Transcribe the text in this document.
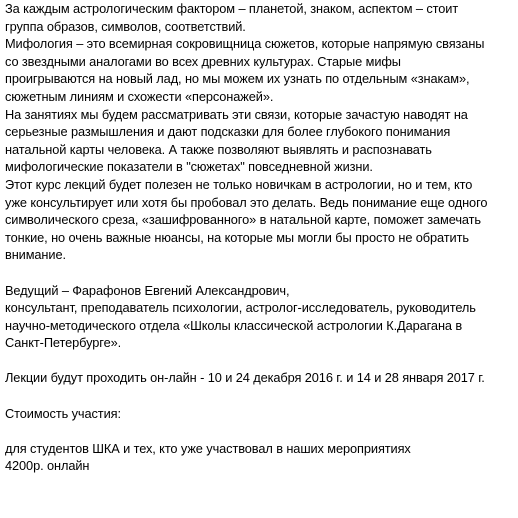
За каждым астрологическим фактором – планетой, знаком, аспектом – стоит
группа образов, символов, соответствий.
Мифология – это всемирная сокровищница сюжетов, которые напрямую связаны
со звездными аналогами во всех древних культурах. Старые мифы
проигрываются на новый лад, но мы можем их узнать по отдельным «знакам»,
сюжетным линиям и схожести «персонажей».
На занятиях мы будем рассматривать эти связи, которые зачастую наводят на
серьезные размышления и дают подсказки для более глубокого понимания
натальной карты человека. А также позволяют выявлять и распознавать
мифологические показатели в "сюжетах" повседневной жизни.
Этот курс лекций будет полезен не только новичкам в астрологии, но и тем, кто
уже консультирует или хотя бы пробовал это делать. Ведь понимание еще одного
символического среза, «зашифрованного» в натальной карте, поможет замечать
тонкие, но очень важные нюансы, на которые мы могли бы просто не обратить
внимание.
Ведущий – Фарафонов Евгений Александрович,
консультант, преподаватель психологии, астролог-исследователь, руководитель
научно-методического отдела «Школы классической астрологии К.Дарагана в
Санкт-Петербурге».
Лекции будут проходить он-лайн - 10 и 24 декабря 2016 г. и 14 и 28 января 2017 г.
Стоимость участия:
для студентов ШКА и тех, кто уже участвовал в наших мероприятиях
4200р. онлайн
